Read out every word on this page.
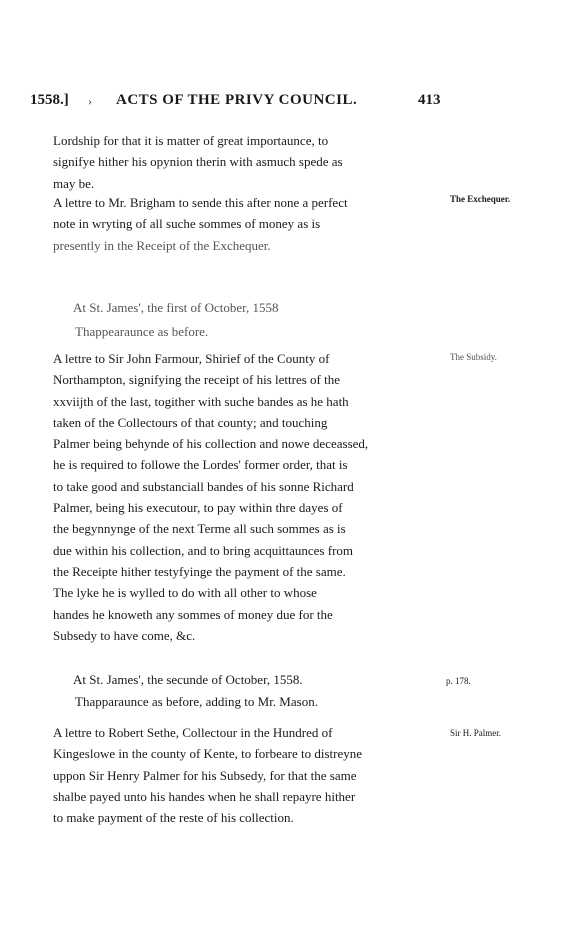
1558.] › ACTS OF THE PRIVY COUNCIL.	413
Lordship for that it is matter of great importaunce, to
signifye hither his opynion therin with asmuch spede as
may be.
A lettre to Mr. Brigham to sende this after none a perfect
note in wryting of all suche sommes of money as is
presently in the Receipt of the Exchequer.
The Exchequer.
At St. James', the first of October, 1558
Thappearaunce as before.
A lettre to Sir John Farmour, Shirief of the County of
Northampton, signifying the receipt of his lettres of the
xxviijth of the last, togither with suche bandes as he hath
taken of the Collectours of that county; and touching
Palmer being behynde of his collection and nowe deceassed,
he is required to followe the Lordes' former order, that is
to take good and substanciall bandes of his sonne Richard
Palmer, being his executour, to pay within thre dayes of
the begynnynge of the next Terme all such sommes as is
due within his collection, and to bring acquittaunces from
the Receipte hither testyfyinge the payment of the same.
The lyke he is wylled to do with all other to whose
handes he knoweth any sommes of money due for the
Subsedy to have come, &c.
The Subsidy.
At St. James', the secunde of October, 1558.	p. 178.
Thapparaunce as before, adding to Mr. Mason.
A lettre to Robert Sethe, Collectour in the Hundred of
Kingeslowe in the county of Kente, to forbeare to distreyne
uppon Sir Henry Palmer for his Subsedy, for that the same
shalbe payed unto his handes when he shall repayre hither
to make payment of the reste of his collection.
Sir H. Palmer.
